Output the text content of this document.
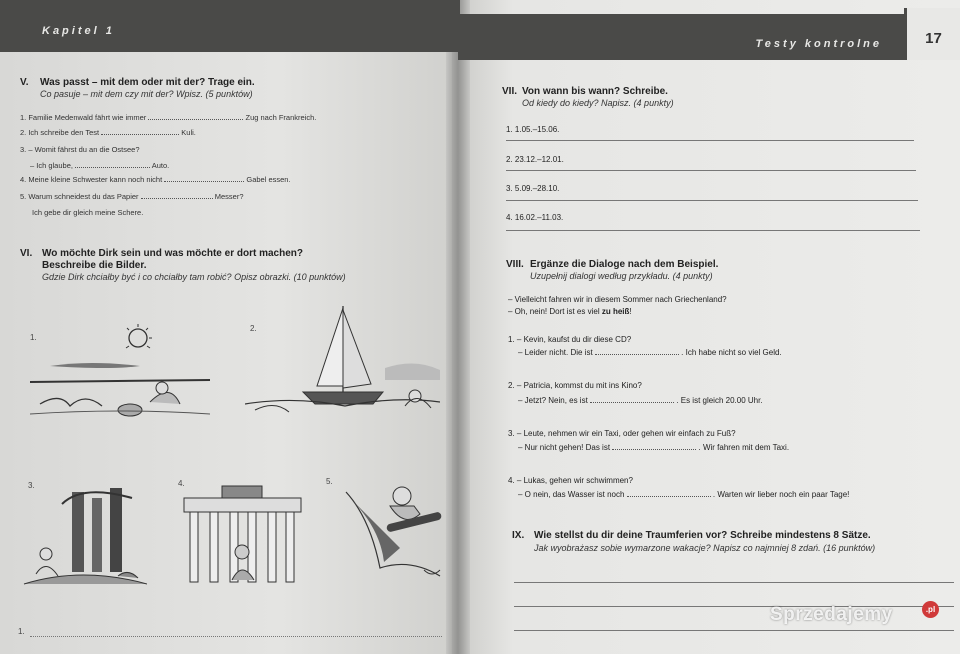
Kapitel 1
Testy kontrolne	17
V. Was passt – mit dem oder mit der? Trage ein.
Co pasuje – mit dem czy mit der? Wpisz. (5 punktów)
1. Familie Medenwald fährt wie immer	Zug nach Frankreich.
2. Ich schreibe den Test	Kuli.
3. – Womit fährst du an die Ostsee?
– Ich glaube,	Auto.
4. Meine kleine Schwester kann noch nicht	Gabel essen.
5. Warum schneidest du das Papier	Messer?
Ich gebe dir gleich meine Schere.
VI. Wo möchte Dirk sein und was möchte er dort machen?
Beschreibe die Bilder.
Gdzie Dirk chciałby być i co chciałby tam robić? Opisz obrazki. (10 punktów)
1.
2.
3.	4.	5.
1.
VII. Von wann bis wann? Schreibe.
Od kiedy do kiedy? Napisz. (4 punkty)
1. 1.05.–15.06.
2. 23.12.–12.01.
3. 5.09.–28.10.
4. 16.02.–11.03.
VIII. Ergänze die Dialoge nach dem Beispiel.
Uzupełnij dialogi według przykładu. (4 punkty)
– Vielleicht fahren wir in diesem Sommer nach Griechenland?
– Oh, nein! Dort ist es viel zu heiß!
1. – Kevin, kaufst du dir diese CD?
– Leider nicht. Die ist	. Ich habe nicht so viel Geld.
2. – Patricia, kommst du mit ins Kino?
– Jetzt? Nein, es ist	. Es ist gleich 20.00 Uhr.
3. – Leute, nehmen wir ein Taxi, oder gehen wir einfach zu Fuß?
– Nur nicht gehen! Das ist	. Wir fahren mit dem Taxi.
4. – Lukas, gehen wir schwimmen?
– O nein, das Wasser ist noch	. Warten wir lieber noch ein paar Tage!
IX. Wie stellst du dir deine Traumferien vor? Schreibe mindestens 8 Sätze.
Jak wyobrażasz sobie wymarzone wakacje? Napisz co najmniej 8 zdań. (16 punktów)
Sprzedajemy	.pl
